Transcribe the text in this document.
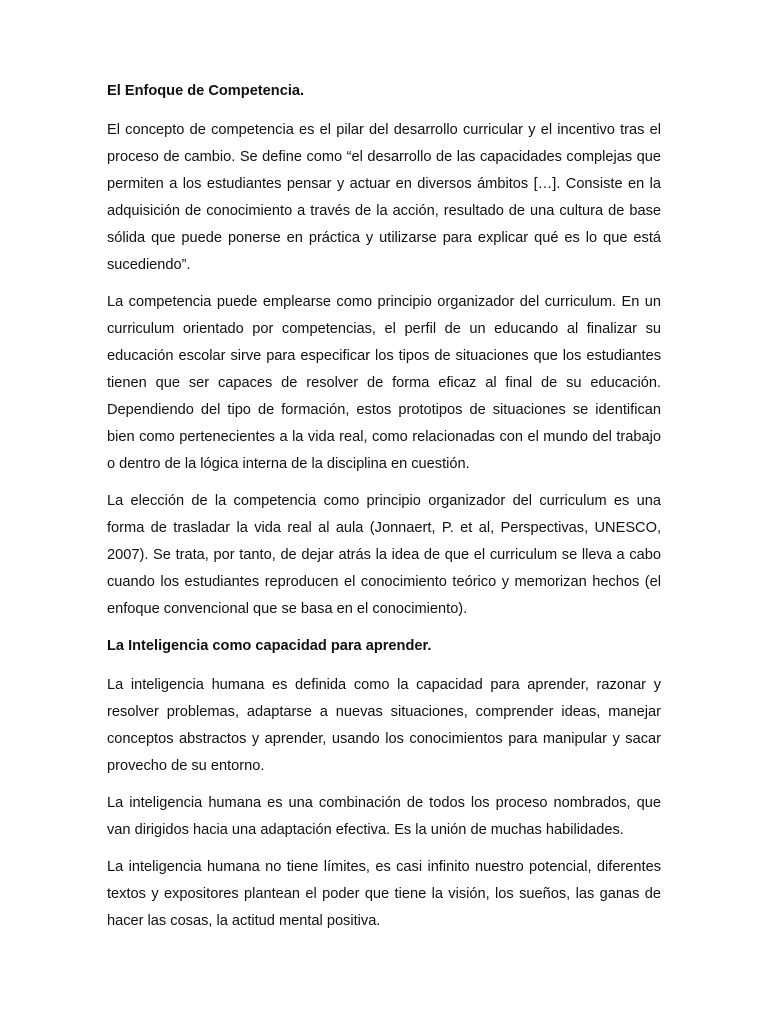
El Enfoque de Competencia.

El concepto de competencia es el pilar del desarrollo curricular y el incentivo tras el proceso de cambio. Se define como “el desarrollo de las capacidades complejas que permiten a los estudiantes pensar y actuar en diversos ámbitos […]. Consiste en la adquisición de conocimiento a través de la acción, resultado de una cultura de base sólida que puede ponerse en práctica y utilizarse para explicar qué es lo que está sucediendo”.

La competencia puede emplearse como principio organizador del curriculum. En un curriculum orientado por competencias, el perfil de un educando al finalizar su educación escolar sirve para especificar los tipos de situaciones que los estudiantes tienen que ser capaces de resolver de forma eficaz al final de su educación. Dependiendo del tipo de formación, estos prototipos de situaciones se identifican bien como pertenecientes a la vida real, como relacionadas con el mundo del trabajo o dentro de la lógica interna de la disciplina en cuestión.

La elección de la competencia como principio organizador del curriculum es una forma de trasladar la vida real al aula (Jonnaert, P. et al, Perspectivas, UNESCO, 2007). Se trata, por tanto, de dejar atrás la idea de que el curriculum se lleva a cabo cuando los estudiantes reproducen el conocimiento teórico y memorizan hechos (el enfoque convencional que se basa en el conocimiento).

La Inteligencia como capacidad para aprender.

La inteligencia humana es definida como la capacidad para aprender, razonar y resolver problemas, adaptarse a nuevas situaciones, comprender ideas, manejar conceptos abstractos y aprender, usando los conocimientos para manipular y sacar provecho de su entorno.

La inteligencia humana es una combinación de todos los proceso nombrados, que van dirigidos hacia una adaptación efectiva. Es la unión de muchas habilidades.

La inteligencia humana no tiene límites, es casi infinito nuestro potencial, diferentes textos y expositores plantean el poder que tiene la visión, los sueños, las ganas de hacer las cosas, la actitud mental positiva.
